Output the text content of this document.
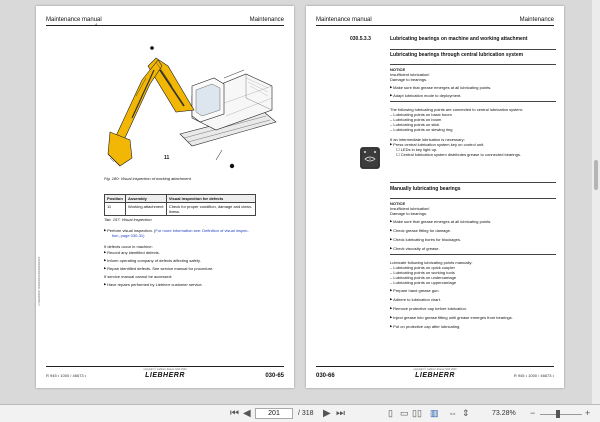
Maintenance manual	Maintenance
4
11
Fig. 180: Visual inspection of working attachment
Position	Assembly	Visual inspection for defects
11	Working attachment	Check for proper condition, damage and clean-
liness.
Tab. 157: Visual inspection
▶ Perform visual inspection. (For more information see: Definition of visual inspec-
tion, page 030-31)
If defects occur in machine:
▶ Record any identified defects.
▶ Inform operating company of defects affecting safety.
▶ Repair identified defects. See service manual for procedure.
If service manual cannot be accessed:
▶ Have repairs performed by Liebherr customer service.
LFR/en/030/07.00/00000000000/000000000
R 945 • 1000 / 46673 •
copyright © Liebherr-France SAS 2020
LIEBHERR	030-65
Maintenance manual	Maintenance
030.5.3.3	Lubricating bearings on machine and working attachment
Lubricating bearings through central lubrication system
NOTICE
Insufficient lubrication!
Damage to bearings.
▶ Make sure that grease emerges at all lubricating points.
▶ Adapt lubrication mode to deployment.
The following lubricating points are connected to central lubrication system:
– Lubricating points on basic boom
– Lubricating points on boom
– Lubricating points on stick
– Lubricating points on slewing ring
If an intermediate lubrication is necessary:
▶ Press central lubrication system key on control unit.
☐ LEDs in key light up.
☐ Central lubrication system distributes grease to connected bearings.
Manually lubricating bearings
NOTICE
Insufficient lubrication!
Damage to bearings.
▶ Make sure that grease emerges at all lubricating points.
▶ Check grease fitting for damage.
▶ Check lubricating bores for blockages.
▶ Check viscosity of grease.
Lubricate following lubricating points manually:
– Lubricating points on quick coupler
– Lubricating points on working tools
– Lubricating points on undercarriage
– Lubricating points on uppercarriage
▶ Prepare hand grease gun.
▶ Adhere to lubrication chart.
▶ Remove protective cap before lubrication.
▶ Inject grease into grease fitting until grease emerges from bearings.
▶ Put on protective cap after lubricating.
030-66
copyright © Liebherr-France SAS 2020
LIEBHERR	R 945 • 1000 / 46673 •
⏮ ◀	201	/ 318 ▶ ⏭	▯ ▭ ▯▯ ▥ ⇔ ⇕	73.28% −	+
